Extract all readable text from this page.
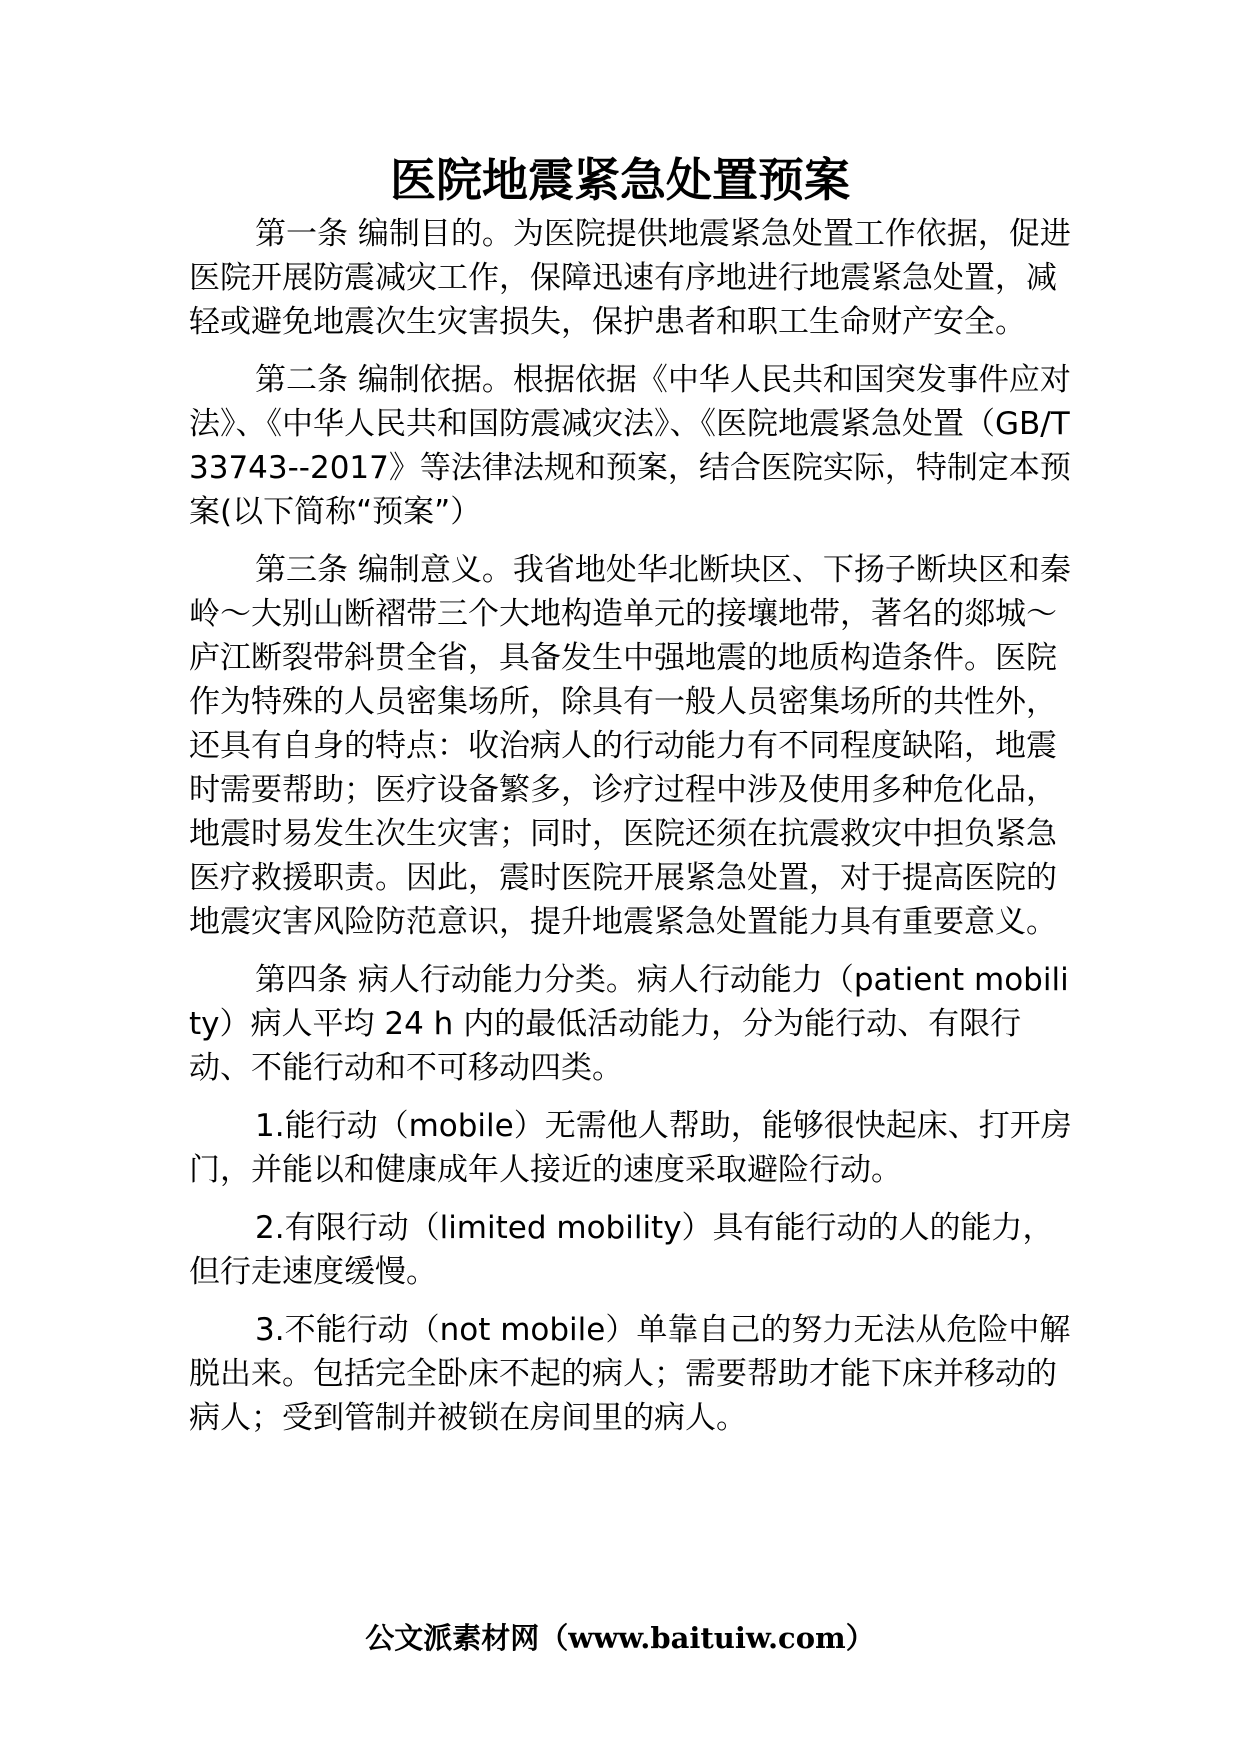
医院地震紧急处置预案

第一条 编制目的。为医院提供地震紧急处置工作依据，促进医院开展防震减灾工作，保障迅速有序地进行地震紧急处置，减轻或避免地震次生灾害损失，保护患者和职工生命财产安全。

第二条 编制依据。根据依据《中华人民共和国突发事件应对法》、《中华人民共和国防震减灾法》、《医院地震紧急处置（GB/T 33743--2017》等法律法规和预案，结合医院实际，特制定本预案(以下简称“预案”）

第三条 编制意义。我省地处华北断块区、下扬子断块区和秦岭～大别山断褶带三个大地构造单元的接壤地带，著名的郯城～庐江断裂带斜贯全省，具备发生中强地震的地质构造条件。医院作为特殊的人员密集场所，除具有一般人员密集场所的共性外，还具有自身的特点：收治病人的行动能力有不同程度缺陷，地震时需要帮助；医疗设备繁多，诊疗过程中涉及使用多种危化品，地震时易发生次生灾害；同时，医院还须在抗震救灾中担负紧急医疗救援职责。因此，震时医院开展紧急处置，对于提高医院的地震灾害风险防范意识，提升地震紧急处置能力具有重要意义。

第四条 病人行动能力分类。病人行动能力（patient mobility）病人平均 24 h 内的最低活动能力，分为能行动、有限行动、不能行动和不可移动四类。

1.能行动（mobile）无需他人帮助，能够很快起床、打开房门，并能以和健康成年人接近的速度采取避险行动。

2.有限行动（limited mobility）具有能行动的人的能力，但行走速度缓慢。

3.不能行动（not mobile）单靠自己的努力无法从危险中解脱出来。包括完全卧床不起的病人；需要帮助才能下床并移动的病人；受到管制并被锁在房间里的病人。

公文派素材网（www.baituiw.com）
